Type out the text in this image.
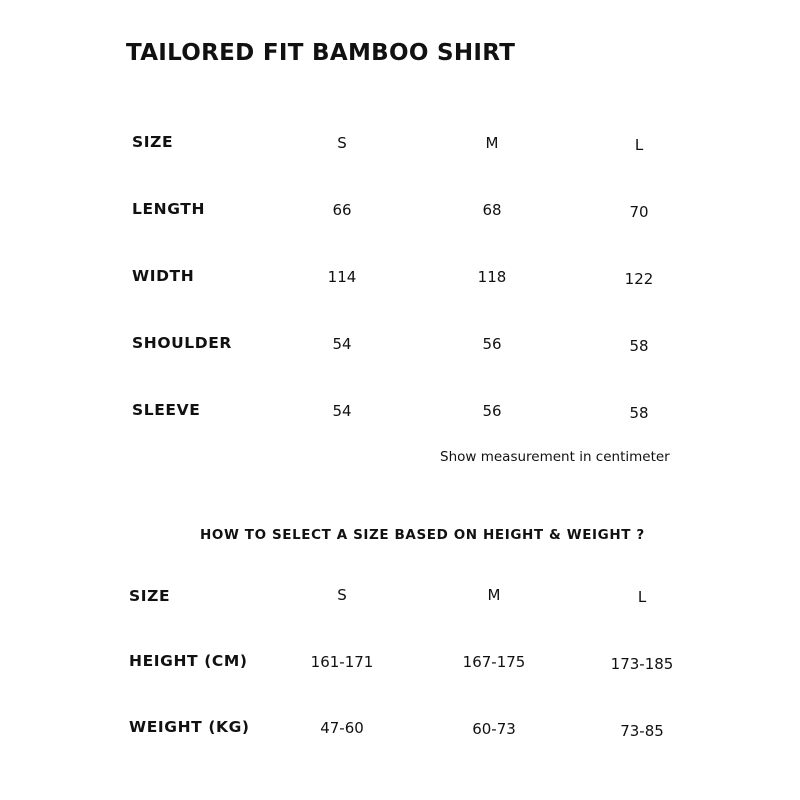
TAILORED FIT BAMBOO SHIRT
SIZE	S	M	L
LENGTH	66	68	70
WIDTH	114	118	122
SHOULDER	54	56	58
SLEEVE	54	56	58
Show measurement in centimeter
HOW TO SELECT A SIZE BASED ON HEIGHT & WEIGHT ?
SIZE	S	M	L
HEIGHT (CM)	161-171	167-175	173-185
WEIGHT (KG)	47-60	60-73	73-85
